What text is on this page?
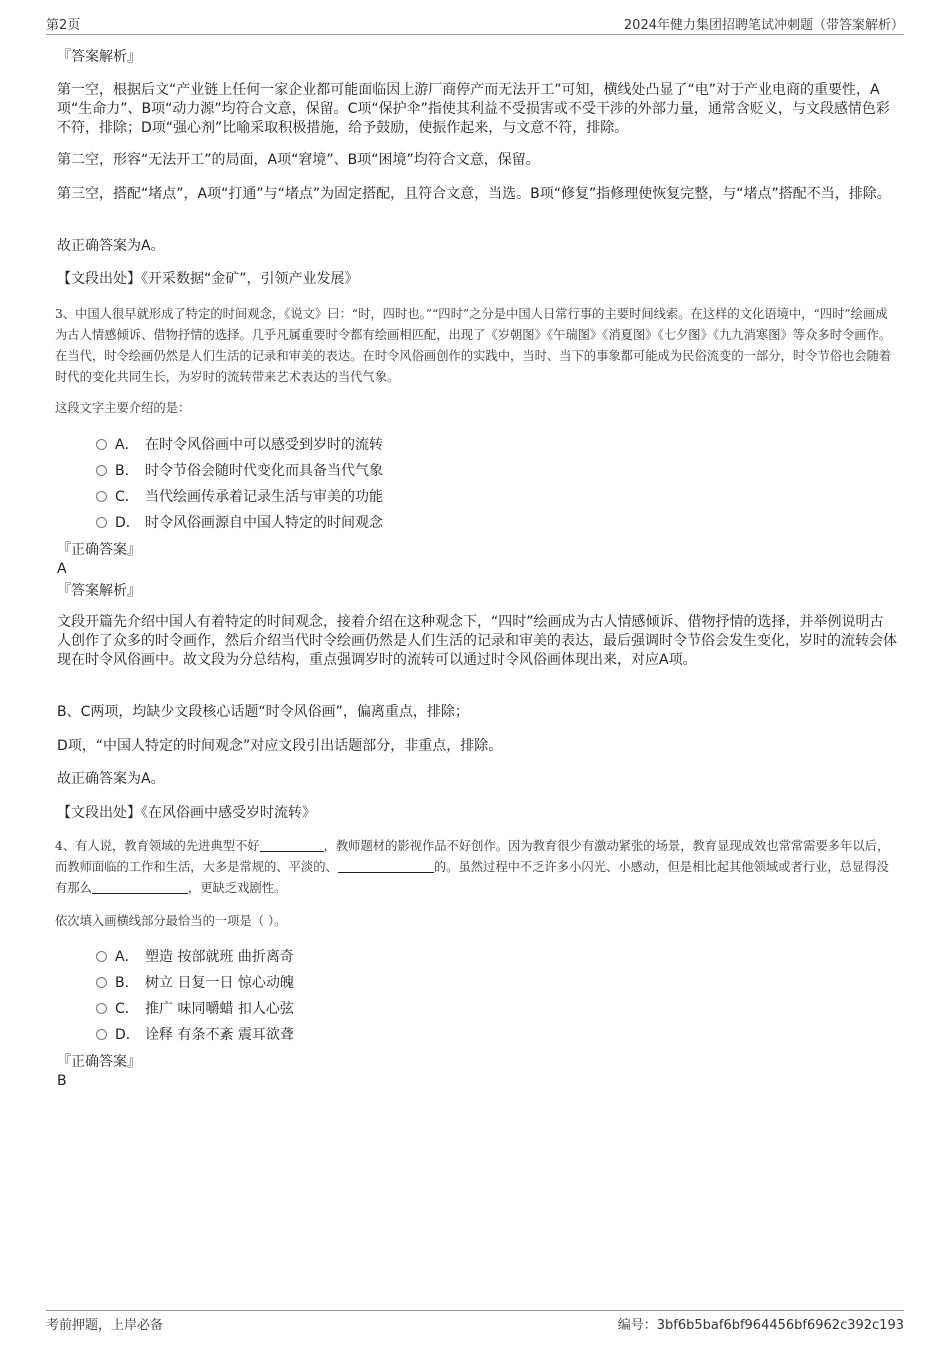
第2页	2024年健力集团招聘笔试冲刺题（带答案解析）
『答案解析』
第一空，根据后文“产业链上任何一家企业都可能面临因上游厂商停产而无法开工”可知，横线处凸显了“电”对于产业电商的重要性，A项“生命力”、B项“动力源”均符合文意，保留。C项“保护伞”指使其利益不受损害或不受干涉的外部力量，通常含贬义，与文段感情色彩不符，排除；D项“强心剂”比喻采取积极措施，给予鼓励，使振作起来，与文意不符，排除。
第二空，形容“无法开工”的局面，A项“窘境”、B项“困境”均符合文意，保留。
第三空，搭配“堵点”，A项“打通”与“堵点”为固定搭配，且符合文意，当选。B项“修复”指修理使恢复完整，与“堵点”搭配不当，排除。
故正确答案为A。
【文段出处】《开采数据“金矿”，引领产业发展》
3、中国人很早就形成了特定的时间观念，《说文》曰：“时，四时也。”“四时”之分是中国人日常行事的主要时间线索。在这样的文化语境中，“四时”绘画成为古人情感倾诉、借物抒情的选择。几乎凡属重要时令都有绘画相匹配，出现了《岁朝图》《午瑞图》《消夏图》《七夕图》《九九消寒图》等众多时令画作。在当代，时令绘画仍然是人们生活的记录和审美的表达。在时令风俗画创作的实践中，当时、当下的事象都可能成为民俗流变的一部分，时令节俗也会随着时代的变化共同生长，为岁时的流转带来艺术表达的当代气象。
这段文字主要介绍的是：
A． 在时令风俗画中可以感受到岁时的流转
B． 时令节俗会随时代变化而具备当代气象
C． 当代绘画传承着记录生活与审美的功能
D． 时令风俗画源自中国人特定的时间观念
『正确答案』
A
『答案解析』
文段开篇先介绍中国人有着特定的时间观念，接着介绍在这种观念下，“四时”绘画成为古人情感倾诉、借物抒情的选择，并举例说明古人创作了众多的时令画作，然后介绍当代时令绘画仍然是人们生活的记录和审美的表达，最后强调时令节俗会发生变化，岁时的流转会体现在时令风俗画中。故文段为分总结构，重点强调岁时的流转可以通过时令风俗画体现出来，对应A项。
B、C两项，均缺少文段核心话题“时令风俗画”，偏离重点，排除；
D项，“中国人特定的时间观念”对应文段引出话题部分，非重点，排除。
故正确答案为A。
【文段出处】《在风俗画中感受岁时流转》
4、有人说，教育领域的先进典型不好	，教师题材的影视作品不好创作。因为教育很少有激动紧张的场景，教育显现成效也常常需要多年以后，而教师面临的工作和生活，大多是常规的、平淡的、	的。虽然过程中不乏许多小闪光、小感动，但是相比起其他领域或者行业，总显得没有那么	，更缺乏戏剧性。
依次填入画横线部分最恰当的一项是（ ）。
A． 塑造 按部就班 曲折离奇
B． 树立 日复一日 惊心动魄
C． 推广 味同嚼蜡 扣人心弦
D． 诠释 有条不紊 震耳欲聋
『正确答案』
B
考前押题，上岸必备	编号：3bf6b5baf6bf964456bf6962c392c193
